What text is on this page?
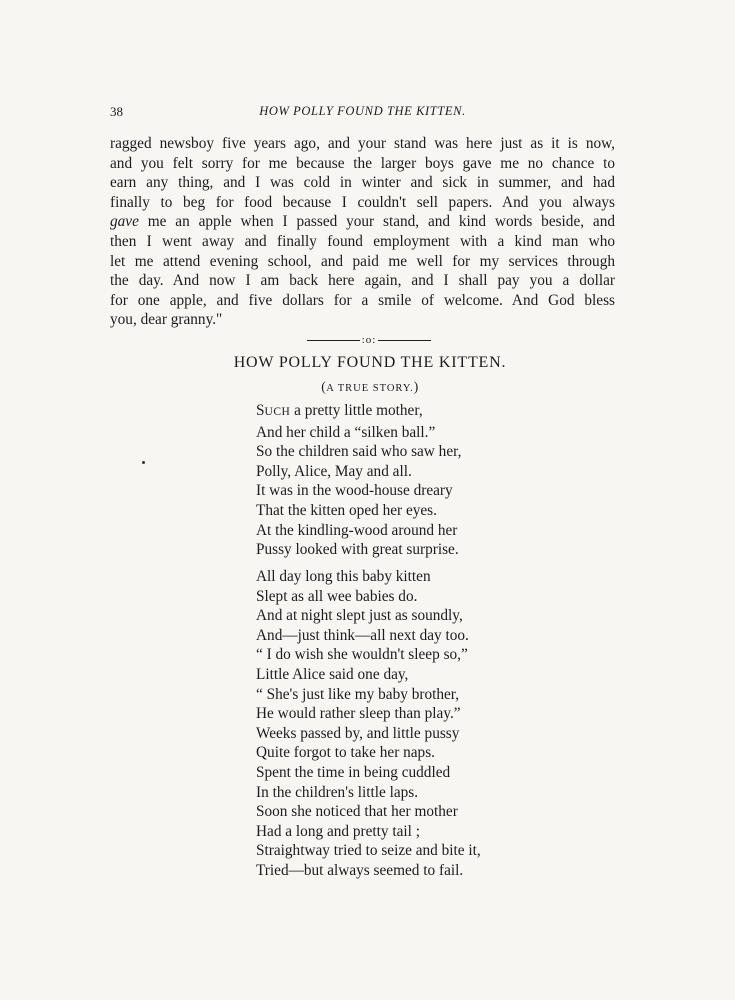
38	HOW POLLY FOUND THE KITTEN.
ragged newsboy five years ago, and your stand was here just as it is now,
and you felt sorry for me because the larger boys gave me no chance to
earn any thing, and I was cold in winter and sick in summer, and had
finally to beg for food because I couldn't sell papers. And you always
gave me an apple when I passed your stand, and kind words beside, and
then I went away and finally found employment with a kind man who
let me attend evening school, and paid me well for my services through
the day. And now I am back here again, and I shall pay you a dollar
for one apple, and five dollars for a smile of welcome. And God bless
you, dear granny."
:o:
HOW POLLY FOUND THE KITTEN.
(A TRUE STORY.)
SUCH a pretty little mother,
And her child a “silken ball.”
So the children said who saw her,
Polly, Alice, May and all.
It was in the wood-house dreary
That the kitten oped her eyes.
At the kindling-wood around her
Pussy looked with great surprise.
All day long this baby kitten
Slept as all wee babies do.
And at night slept just as soundly,
And—just think—all next day too.
“ I do wish she wouldn't sleep so,”
Little Alice said one day,
“ She's just like my baby brother,
He would rather sleep than play.”
Weeks passed by, and little pussy
Quite forgot to take her naps.
Spent the time in being cuddled
In the children's little laps.
Soon she noticed that her mother
Had a long and pretty tail ;
Straightway tried to seize and bite it,
Tried—but always seemed to fail.
